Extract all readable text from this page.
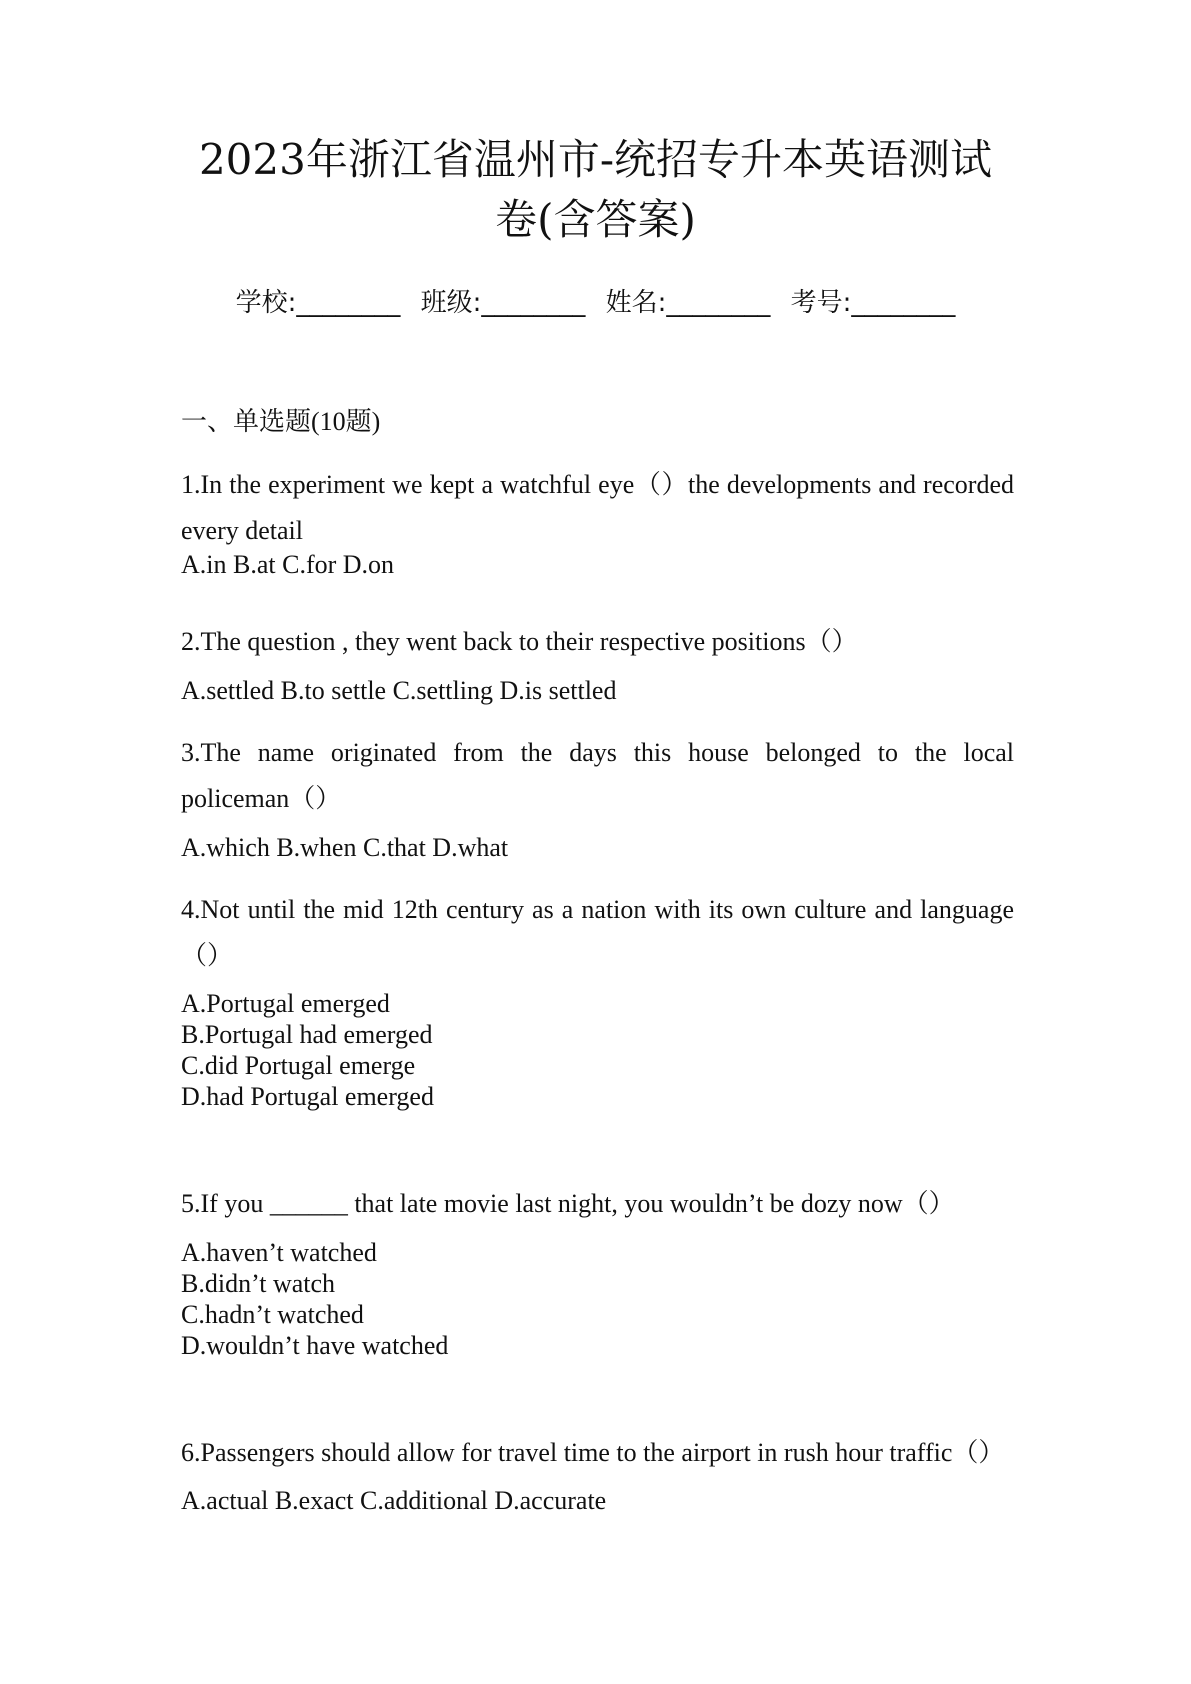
2023年浙江省温州市-统招专升本英语测试
卷(含答案)
学校:________ 班级:________ 姓名:________ 考号:________
一、单选题(10题)
1.In the experiment we kept a watchful eye（）the developments and recorded every detail
A.in B.at C.for D.on
2.The question , they went back to their respective positions（）
A.settled B.to settle C.settling D.is settled
3.The name originated from the days this house belonged to the local policeman（）
A.which B.when C.that D.what
4.Not until the mid 12th century as a nation with its own culture and language（）
A.Portugal emerged
B.Portugal had emerged
C.did Portugal emerge
D.had Portugal emerged
5.If you ______ that late movie last night, you wouldn’t be dozy now（）
A.haven’t watched
B.didn’t watch
C.hadn’t watched
D.wouldn’t have watched
6.Passengers should allow for travel time to the airport in rush hour traffic（）
A.actual B.exact C.additional D.accurate
